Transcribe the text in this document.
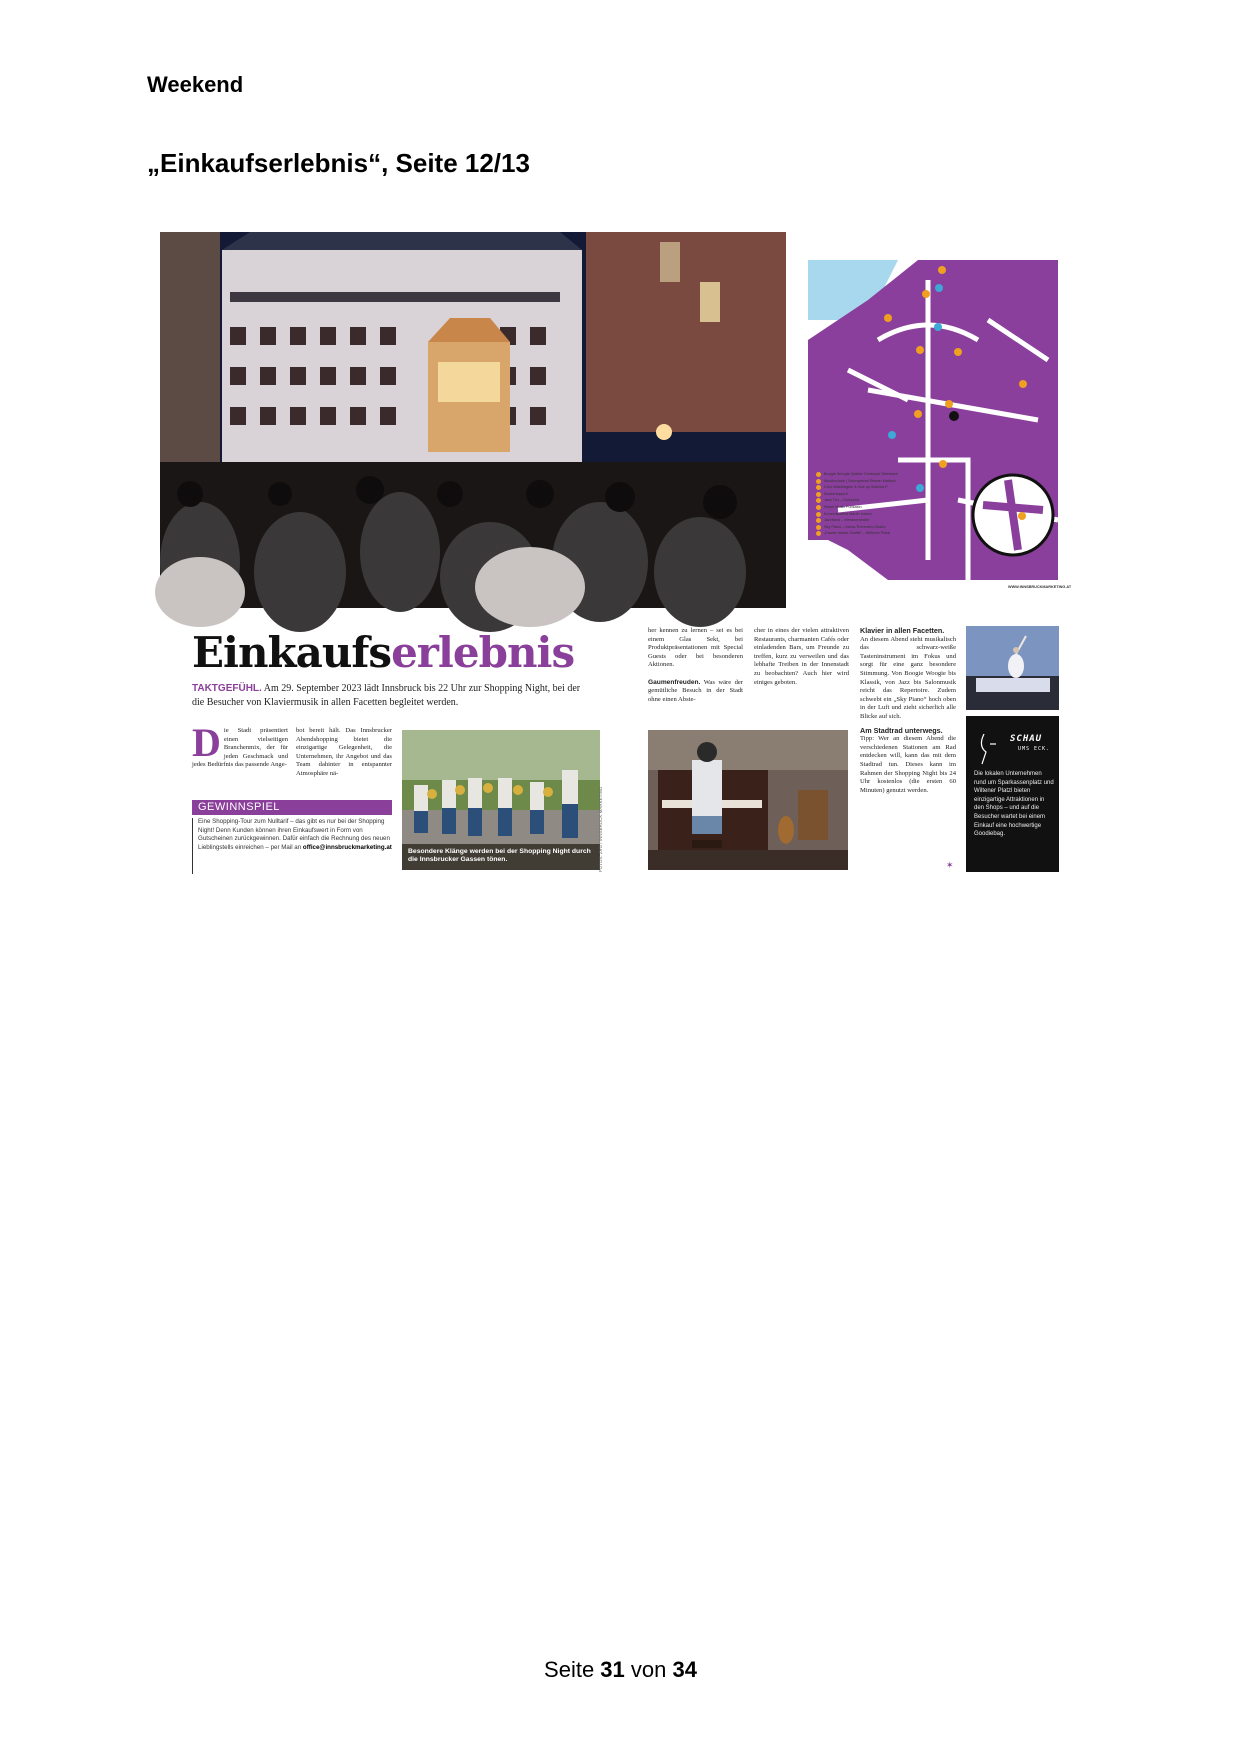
Weekend
„Einkaufserlebnis“, Seite 12/13
Boogie Woogie-Spieler Christoph Steinbach
Musikschule | Salonpianist Steven Matlack
Chor Washington & Sue up Sabrina P
Klavierteppich
Jazz Trio – Domplatz
Street Music Funkasin
Konzertpianist Martin Ivanov
Jazzband – Meranerstraße
Sky Piano – Maria-Theresien-Straße
„Klavier meets Graffiti“ – Wiltener Platzl
WWW.INNSBRUCKMARKETING.AT
Einkaufserlebnis
TAKTGEFÜHL. Am 29. September 2023 lädt Innsbruck bis 22 Uhr zur Shopping Night, bei der die Besucher von Klaviermusik in allen Facetten begleitet werden.
Die Stadt präsentiert einen vielseitigen Branchenmix, der für jeden Geschmack und jedes Bedürfnis das passende Ange-
bot bereit hält. Das Innsbrucker Abendshopping bietet die einzigartige Gelegenheit, die Unternehmen, ihr Angebot und das Team dahinter in entspannter Atmosphäre nä-
GEWINNSPIEL
Eine Shopping-Tour zum Nulltarif – das gibt es nur bei der Shopping Night! Denn Kunden können ihren Einkaufswert in Form von Gutscheinen zurückgewinnen. Dafür einfach die Rechnung des neuen Lieblingstells einreichen – per Mail an office@innsbruckmarketing.at
Besondere Klänge werden bei der Shopping Night durch die Innsbrucker Gassen tönen.	FOTOS: ZVG / INNSBRUCK MARKETING
her kennen zu lernen – sei es bei einem Glas Sekt, bei Produktpräsentationen mit Special Guests oder bei besonderen Aktionen.

Gaumenfreuden. Was wäre der gemütliche Besuch in der Stadt ohne einen Abste-
cher in eines der vielen attraktiven Restaurants, charmanten Cafés oder einladenden Bars, um Freunde zu treffen, kurz zu verweilen und das lebhafte Treiben in der Innenstadt zu beobachten? Auch hier wird einiges geboten.
Klavier in allen Facetten.
An diesem Abend steht musikalisch das schwarz-weiße Tasteninstrument im Fokus und sorgt für eine ganz besondere Stimmung. Von Boogie Woogie bis Klassik, von Jazz bis Salonmusik reicht das Repertoire. Zudem schwebt ein „Sky Piano“ hoch oben in der Luft und zieht sicherlich alle Blicke auf sich.
Am Stadtrad unterwegs.
Tipp: Wer an diesem Abend die verschiedenen Stationen am Rad entdecken will, kann das mit dem Stadtrad tun. Dieses kann im Rahmen der Shopping Night bis 24 Uhr kostenlos (die ersten 60 Minuten) genutzt werden.
SCHAU
UMS ECK.
Die lokalen Unternehmen rund um Sparkassenplatz und Wiltener Platzl bieten einzigartige Attraktionen in den Shops – und auf die Besucher wartet bei einem Einkauf eine hochwertige Goodiebag.
✶
Seite 31 von 34
